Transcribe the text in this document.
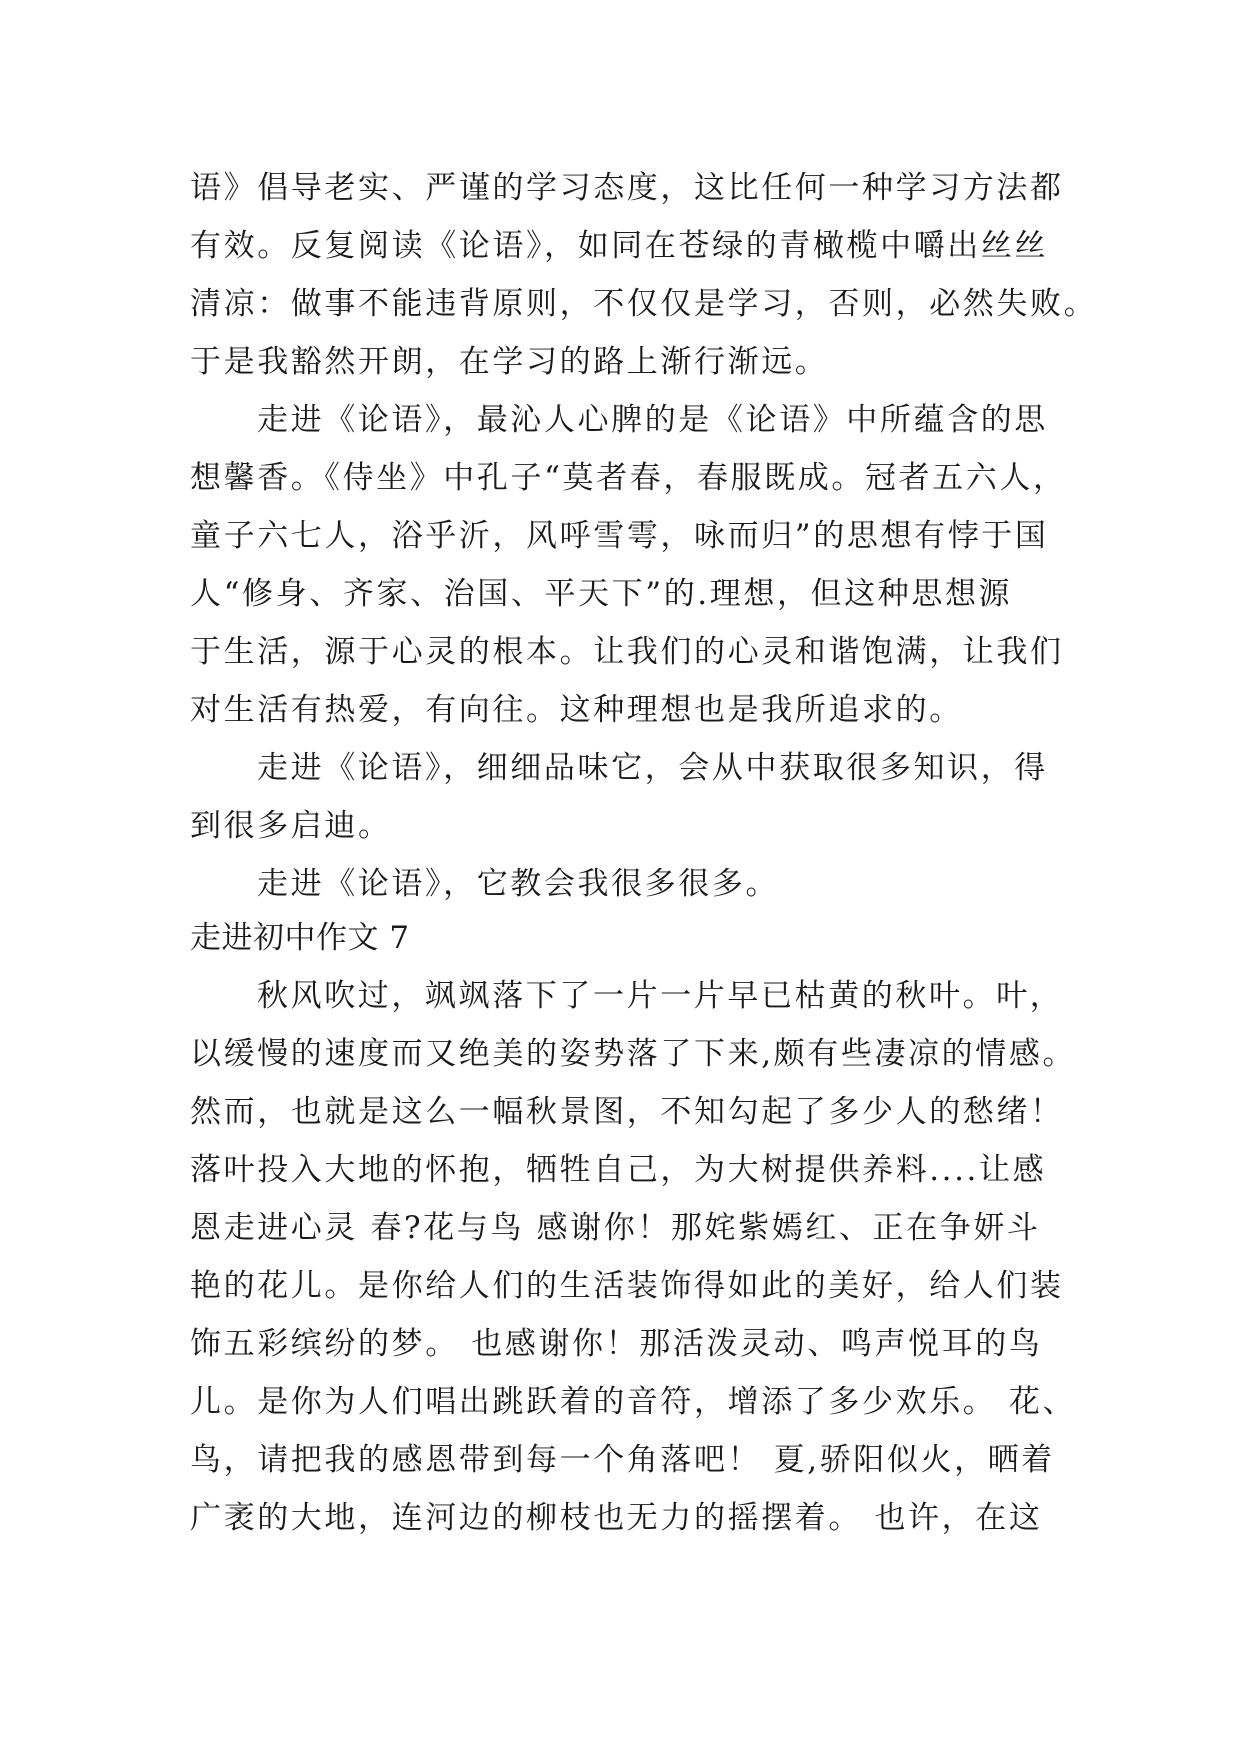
语》倡导老实、严谨的学习态度，这比任何一种学习方法都
有效。反复阅读《论语》，如同在苍绿的青橄榄中嚼出丝丝
清凉：做事不能违背原则，不仅仅是学习，否则，必然失败。
于是我豁然开朗，在学习的路上渐行渐远。
走进《论语》，最沁人心脾的是《论语》中所蕴含的思
想馨香。《侍坐》中孔子“莫者春，春服既成。冠者五六人，
童子六七人，浴乎沂，风呼雪雩，咏而归”的思想有悖于国
人“修身、齐家、治国、平天下”的.理想，但这种思想源
于生活，源于心灵的根本。让我们的心灵和谐饱满，让我们
对生活有热爱，有向往。这种理想也是我所追求的。
走进《论语》，细细品味它，会从中获取很多知识，得
到很多启迪。
走进《论语》，它教会我很多很多。
走进初中作文 7
秋风吹过，飒飒落下了一片一片早已枯黄的秋叶。叶，
以缓慢的速度而又绝美的姿势落了下来,颇有些凄凉的情感。
然而，也就是这么一幅秋景图，不知勾起了多少人的愁绪！
落叶投入大地的怀抱，牺牲自己，为大树提供养料....让感
恩走进心灵 春?花与鸟 感谢你！那姹紫嫣红、正在争妍斗
艳的花儿。是你给人们的生活装饰得如此的美好，给人们装
饰五彩缤纷的梦。 也感谢你！那活泼灵动、鸣声悦耳的鸟
儿。是你为人们唱出跳跃着的音符，增添了多少欢乐。 花、
鸟，请把我的感恩带到每一个角落吧！ 夏,骄阳似火，晒着
广袤的大地，连河边的柳枝也无力的摇摆着。 也许，在这
